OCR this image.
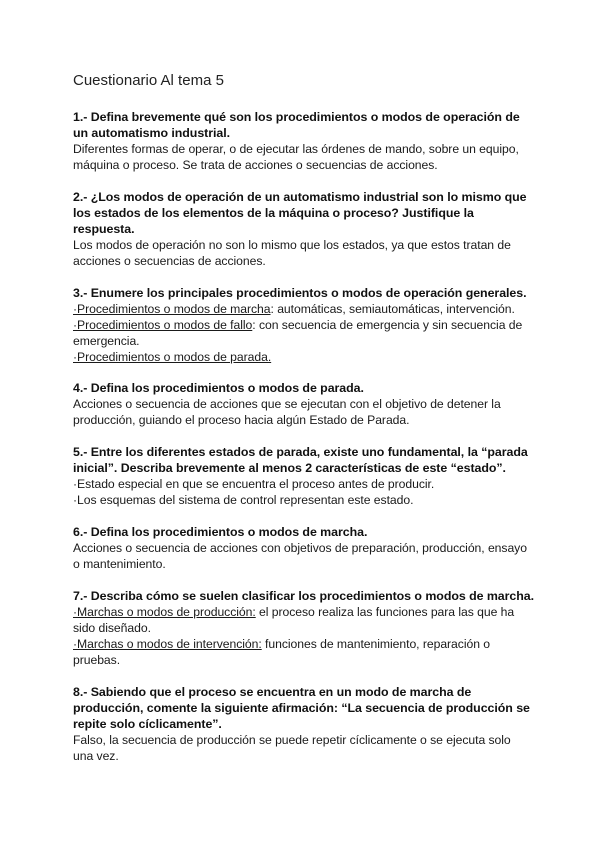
Cuestionario Al tema 5

1.- Defina brevemente qué son los procedimientos o modos de operación de
un automatismo industrial.

Diferentes formas de operar, o de ejecutar las órdenes de mando, sobre un equipo,
máquina o proceso. Se trata de acciones o secuencias de acciones.

2.- ¿Los modos de operación de un automatismo industrial son lo mismo que
los estados de los elementos de la máquina o proceso? Justifique la
respuesta.

Los modos de operación no son lo mismo que los estados, ya que estos tratan de
acciones o secuencias de acciones.

3.- Enumere los principales procedimientos o modos de operación generales.

·Procedimientos o modos de marcha: automáticas, semiautomáticas, intervención.
·Procedimientos o modos de fallo: con secuencia de emergencia y sin secuencia de
emergencia.
·Procedimientos o modos de parada.

4.- Defina los procedimientos o modos de parada.

Acciones o secuencia de acciones que se ejecutan con el objetivo de detener la
producción, guiando el proceso hacia algún Estado de Parada.

5.- Entre los diferentes estados de parada, existe uno fundamental, la “parada
inicial”. Describa brevemente al menos 2 características de este “estado”.

·Estado especial en que se encuentra el proceso antes de producir.
·Los esquemas del sistema de control representan este estado.

6.- Defina los procedimientos o modos de marcha.

Acciones o secuencia de acciones con objetivos de preparación, producción, ensayo
o mantenimiento.

7.- Describa cómo se suelen clasificar los procedimientos o modos de marcha.

·Marchas o modos de producción: el proceso realiza las funciones para las que ha
sido diseñado.
·Marchas o modos de intervención: funciones de mantenimiento, reparación o
pruebas.

8.- Sabiendo que el proceso se encuentra en un modo de marcha de
producción, comente la siguiente afirmación: “La secuencia de producción se
repite solo cíclicamente”.

Falso, la secuencia de producción se puede repetir cíclicamente o se ejecuta solo
una vez.
